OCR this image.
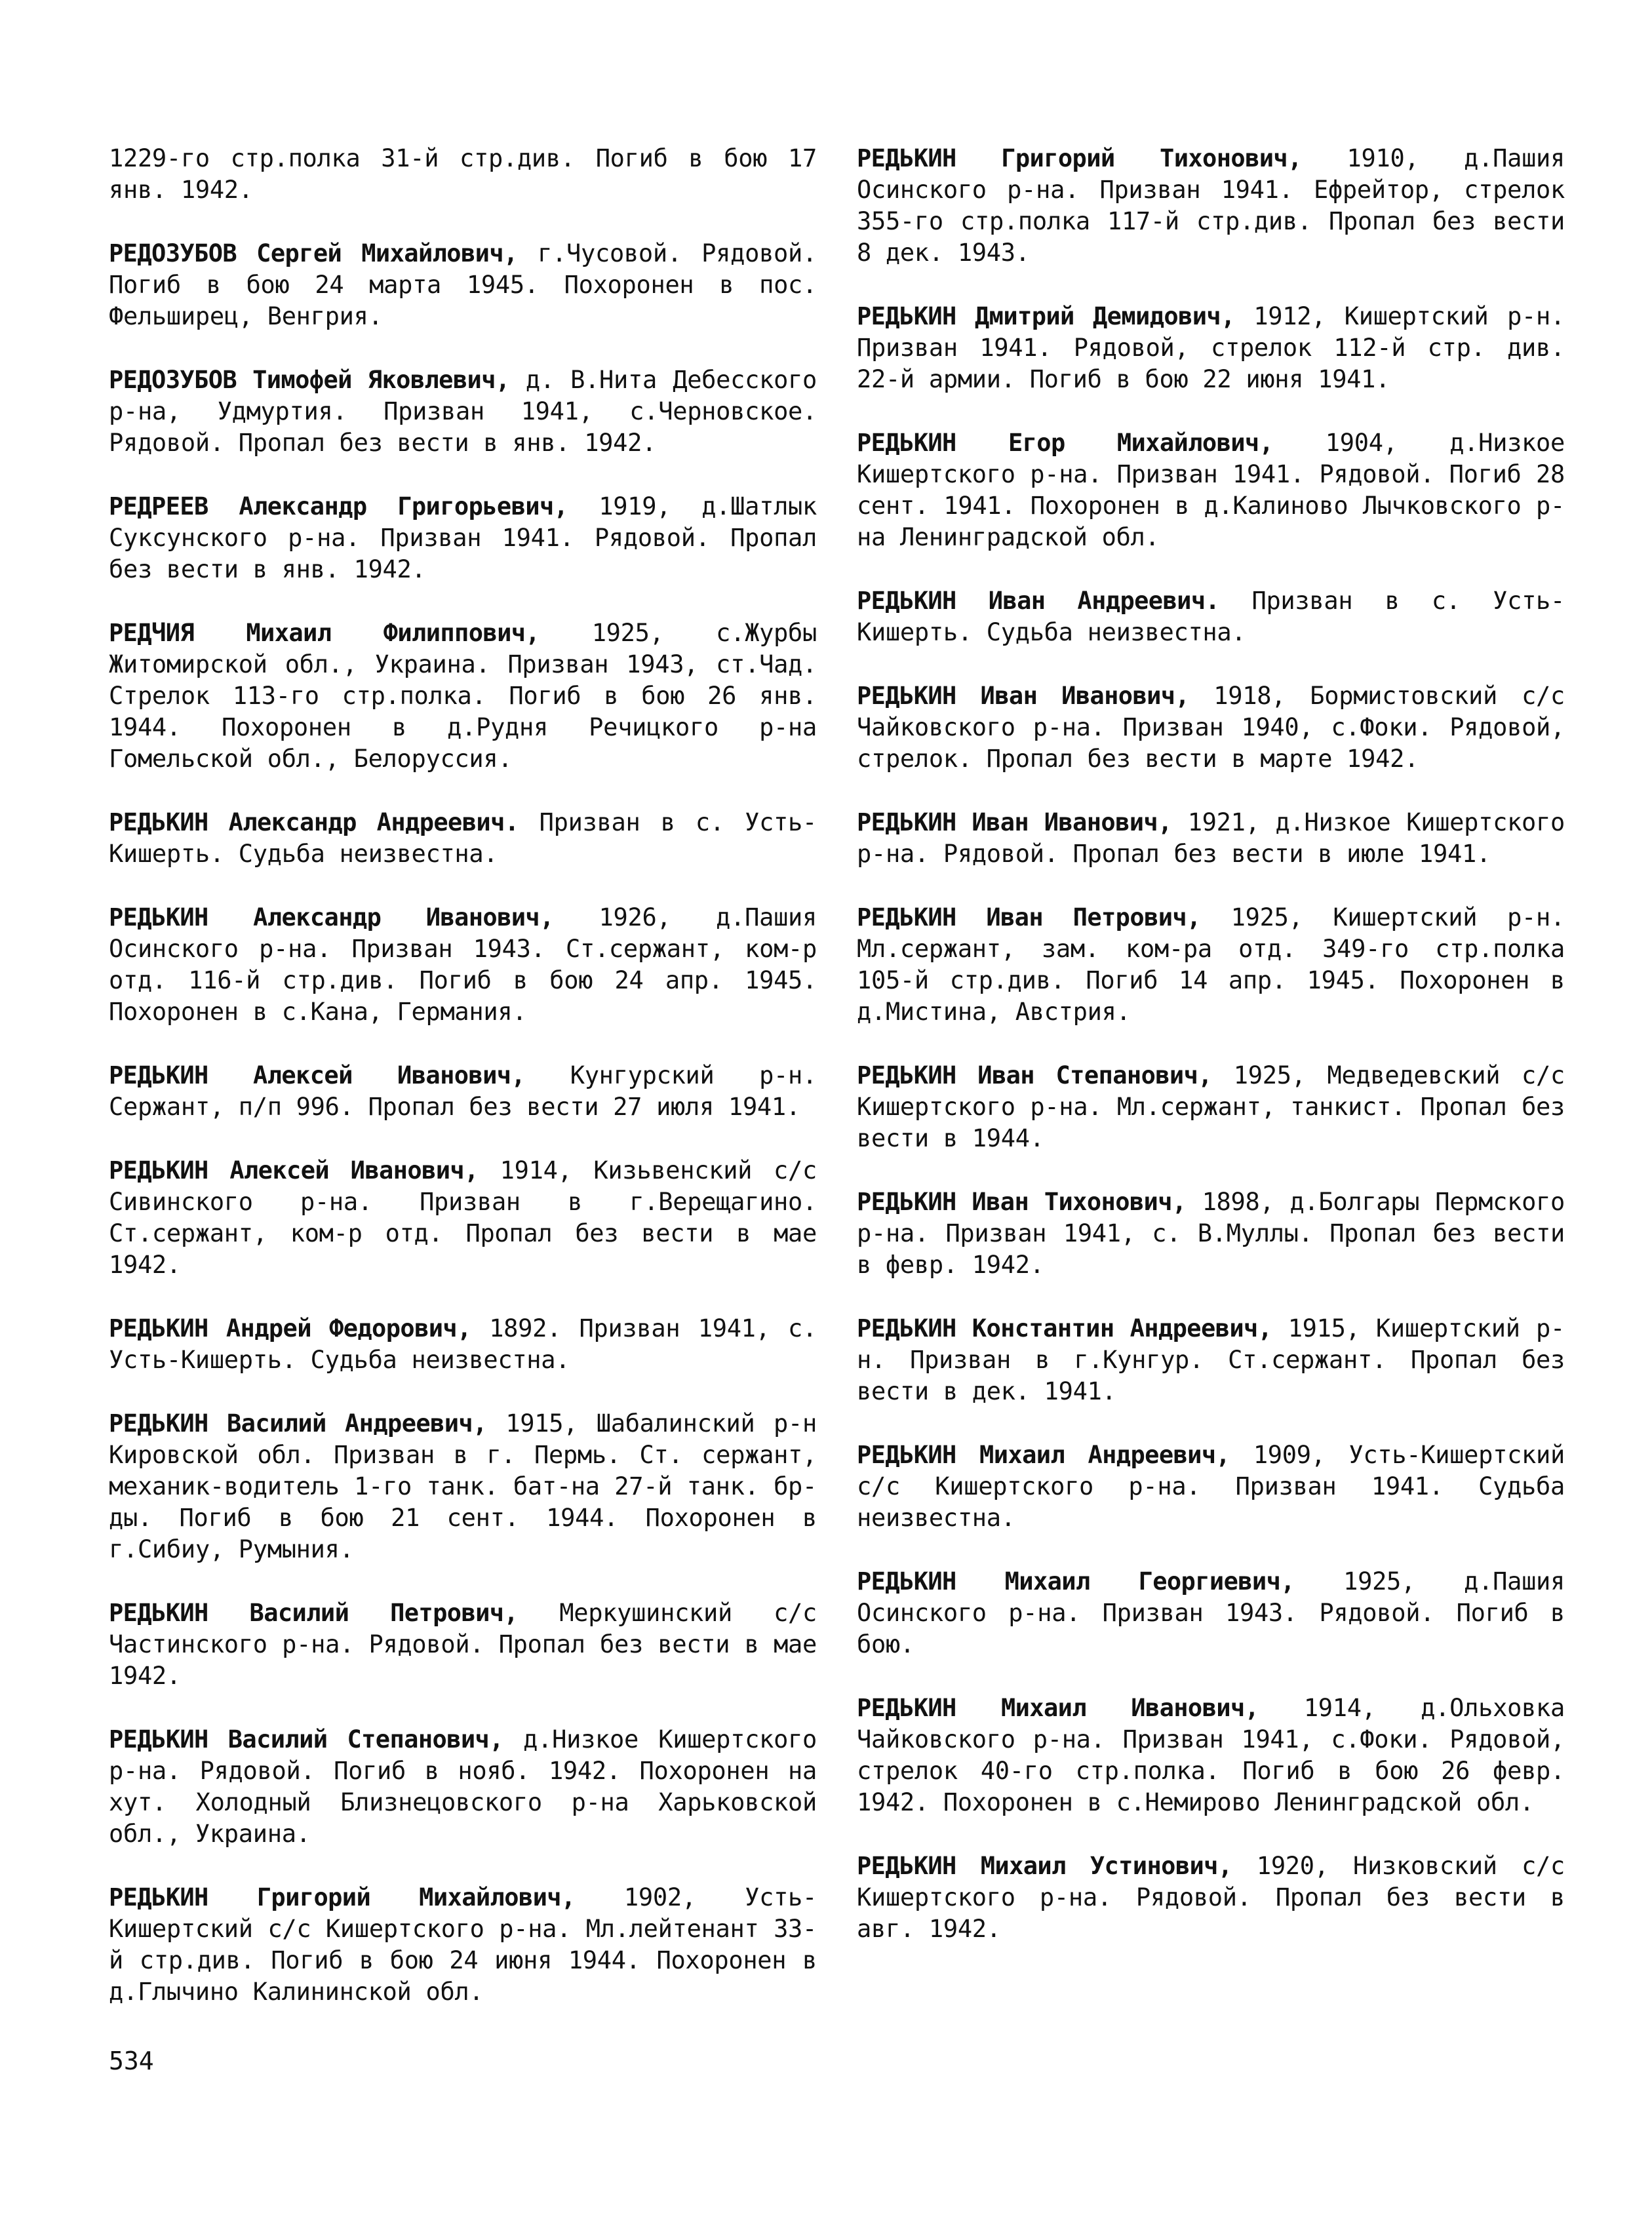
1229-го стр.полка 31-й стр.див. Погиб в бою 17 янв. 1942.

РЕДОЗУБОВ Сергей Михайлович, г.Чусовой. Рядовой. Погиб в бою 24 марта 1945. Похоронен в пос. Фельширец, Венгрия.

РЕДОЗУБОВ Тимофей Яковлевич, д. В.Нита Дебесского р-на, Удмуртия. Призван 1941, с.Черновское. Рядовой. Пропал без вести в янв. 1942.

РЕДРЕЕВ Александр Григорьевич, 1919, д.Шатлык Суксунского р-на. Призван 1941. Рядовой. Пропал без вести в янв. 1942.

РЕДЧИЯ Михаил Филиппович, 1925, с.Журбы Житомирской обл., Украина. Призван 1943, ст.Чад. Стрелок 113-го стр.полка. Погиб в бою 26 янв. 1944. Похоронен в д.Рудня Речицкого р-на Гомельской обл., Белоруссия.

РЕДЬКИН Александр Андреевич. Призван в с. Усть-Кишерть. Судьба неизвестна.

РЕДЬКИН Александр Иванович, 1926, д.Пашия Осинского р-на. Призван 1943. Ст.сержант, ком-р отд. 116-й стр.див. Погиб в бою 24 апр. 1945. Похоронен в с.Кана, Германия.

РЕДЬКИН Алексей Иванович, Кунгурский р-н. Сержант, п/п 996. Пропал без вести 27 июля 1941.

РЕДЬКИН Алексей Иванович, 1914, Кизьвенский с/с Сивинского р-на. Призван в г.Верещагино. Ст.сержант, ком-р отд. Пропал без вести в мае 1942.

РЕДЬКИН Андрей Федорович, 1892. Призван 1941, с. Усть-Кишерть. Судьба неизвестна.

РЕДЬКИН Василий Андреевич, 1915, Шабалинский р-н Кировской обл. Призван в г. Пермь. Ст. сержант, механик-водитель 1-го танк. бат-на 27-й танк. бр-ды. Погиб в бою 21 сент. 1944. Похоронен в г.Сибиу, Румыния.

РЕДЬКИН Василий Петрович, Меркушинский с/с Частинского р-на. Рядовой. Пропал без вести в мае 1942.

РЕДЬКИН Василий Степанович, д.Низкое Кишертского р-на. Рядовой. Погиб в нояб. 1942. Похоронен на хут. Холодный Близнецовского р-на Харьковской обл., Украина.

РЕДЬКИН Григорий Михайлович, 1902, Усть-Кишертский с/с Кишертского р-на. Мл.лейтенант 33-й стр.див. Погиб в бою 24 июня 1944. Похоронен в д.Глычино Калининской обл.

РЕДЬКИН Григорий Тихонович, 1910, д.Пашия Осинского р-на. Призван 1941. Ефрейтор, стрелок 355-го стр.полка 117-й стр.див. Пропал без вести 8 дек. 1943.

РЕДЬКИН Дмитрий Демидович, 1912, Кишертский р-н. Призван 1941. Рядовой, стрелок 112-й стр. див. 22-й армии. Погиб в бою 22 июня 1941.

РЕДЬКИН Егор Михайлович, 1904, д.Низкое Кишертского р-на. Призван 1941. Рядовой. Погиб 28 сент. 1941. Похоронен в д.Калиново Лычковского р-на Ленинградской обл.

РЕДЬКИН Иван Андреевич. Призван в с. Усть-Кишерть. Судьба неизвестна.

РЕДЬКИН Иван Иванович, 1918, Бормистовский с/с Чайковского р-на. Призван 1940, с.Фоки. Рядовой, стрелок. Пропал без вести в марте 1942.

РЕДЬКИН Иван Иванович, 1921, д.Низкое Кишертского р-на. Рядовой. Пропал без вести в июле 1941.

РЕДЬКИН Иван Петрович, 1925, Кишертский р-н. Мл.сержант, зам. ком-ра отд. 349-го стр.полка 105-й стр.див. Погиб 14 апр. 1945. Похоронен в д.Мистина, Австрия.

РЕДЬКИН Иван Степанович, 1925, Медведевский с/с Кишертского р-на. Мл.сержант, танкист. Пропал без вести в 1944.

РЕДЬКИН Иван Тихонович, 1898, д.Болгары Пермского р-на. Призван 1941, с. В.Муллы. Пропал без вести в февр. 1942.

РЕДЬКИН Константин Андреевич, 1915, Кишертский р-н. Призван в г.Кунгур. Ст.сержант. Пропал без вести в дек. 1941.

РЕДЬКИН Михаил Андреевич, 1909, Усть-Кишертский с/с Кишертского р-на. Призван 1941. Судьба неизвестна.

РЕДЬКИН Михаил Георгиевич, 1925, д.Пашия Осинского р-на. Призван 1943. Рядовой. Погиб в бою.

РЕДЬКИН Михаил Иванович, 1914, д.Ольховка Чайковского р-на. Призван 1941, с.Фоки. Рядовой, стрелок 40-го стр.полка. Погиб в бою 26 февр. 1942. Похоронен в с.Немирово Ленинградской обл.

РЕДЬКИН Михаил Устинович, 1920, Низковский с/с Кишертского р-на. Рядовой. Пропал без вести в авг. 1942.

534
